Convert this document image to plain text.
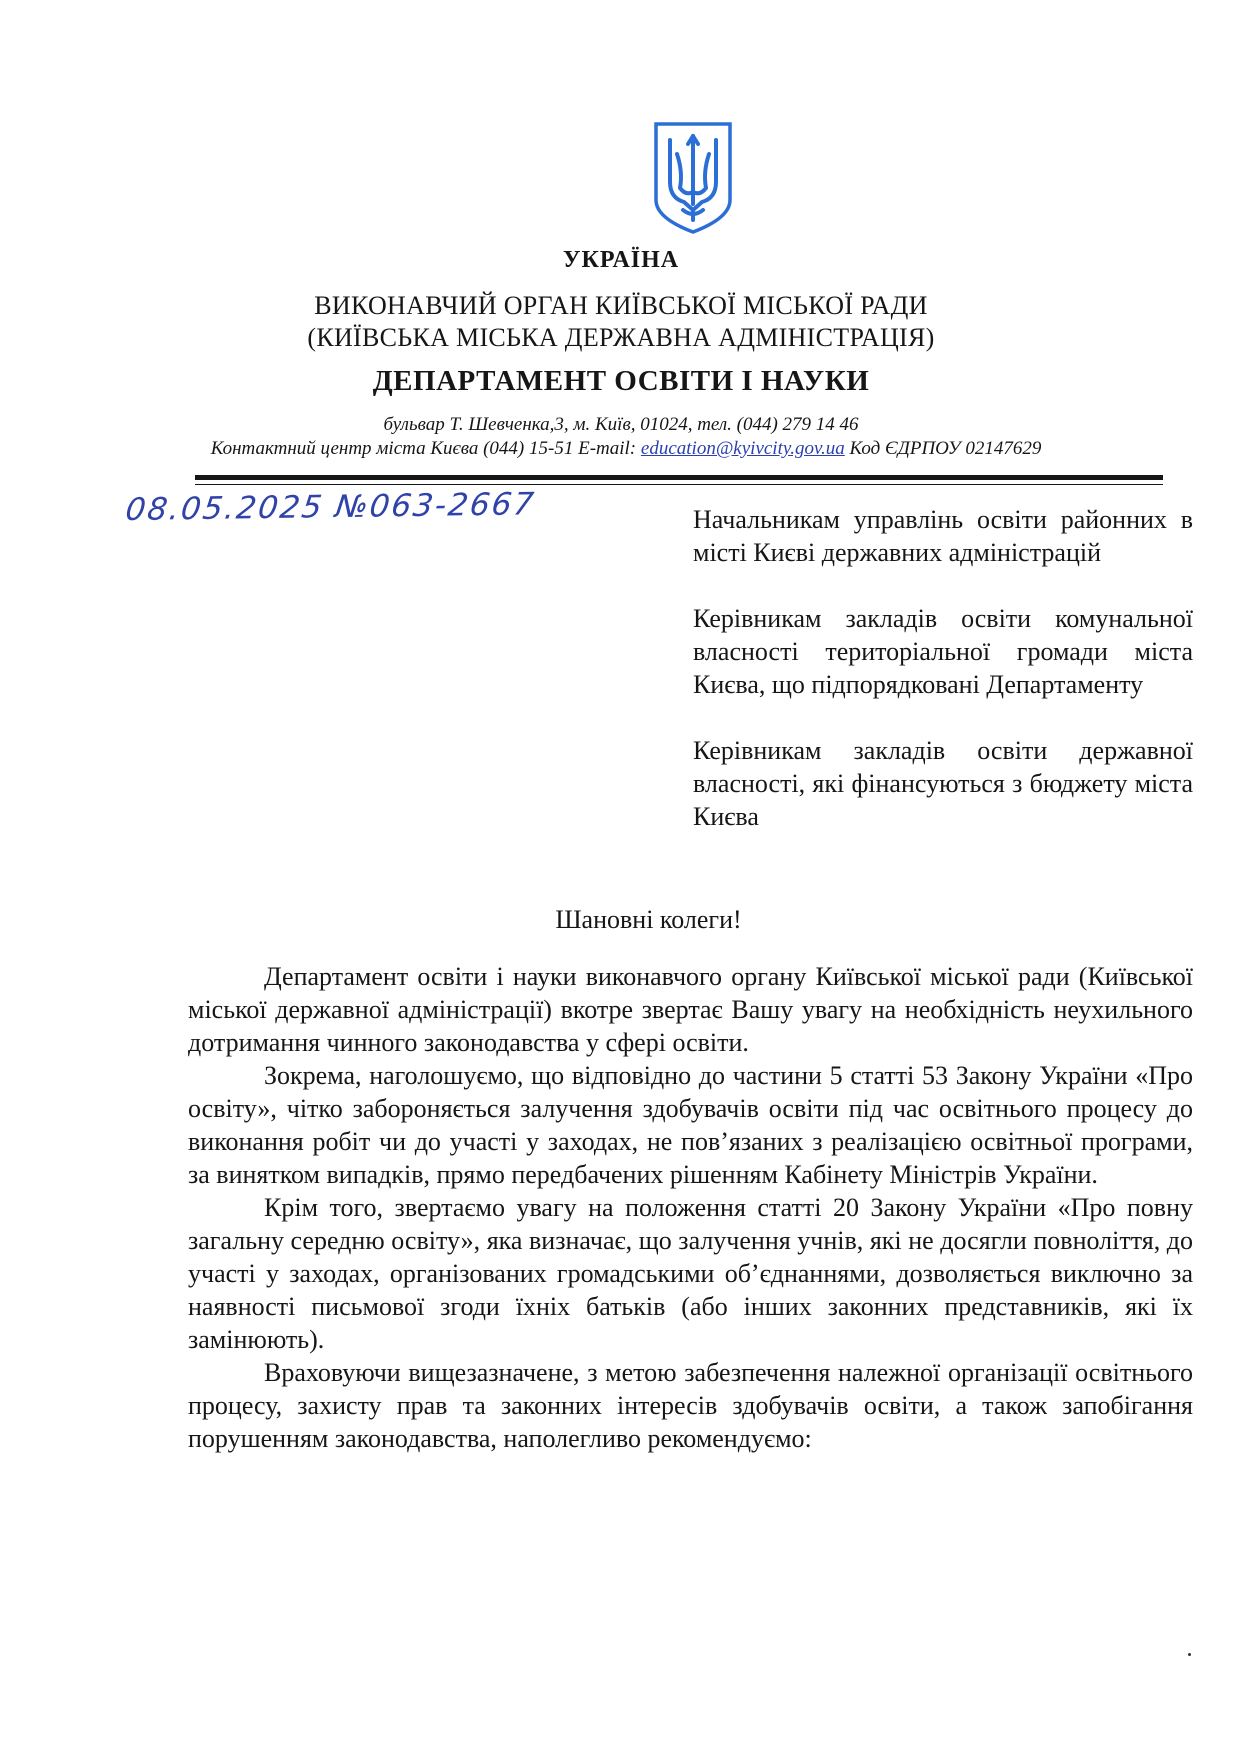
УКРАЇНА
ВИКОНАВЧИЙ ОРГАН КИЇВСЬКОЇ МІСЬКОЇ РАДИ
(КИЇВСЬКА МІСЬКА ДЕРЖАВНА АДМІНІСТРАЦІЯ)
ДЕПАРТАМЕНТ ОСВІТИ І НАУКИ
бульвар Т. Шевченка,3, м. Київ, 01024, тел. (044) 279 14 46
Контактний центр міста Києва (044) 15-51 E-mail: education@kyivcity.gov.ua Код ЄДРПОУ 02147629
08.05.2025 №063-2667	Начальникам управлінь освіти районних в місті Києві державних адміністрацій

Керівникам закладів освіти комунальної власності територіальної громади міста Києва, що підпорядковані Департаменту

Керівникам закладів освіти державної власності, які фінансуються з бюджету міста Києва

Шановні колеги!

Департамент освіти і науки виконавчого органу Київської міської ради (Київської міської державної адміністрації) вкотре звертає Вашу увагу на необхідність неухильного дотримання чинного законодавства у сфері освіти.

Зокрема, наголошуємо, що відповідно до частини 5 статті 53 Закону України «Про освіту», чітко забороняється залучення здобувачів освіти під час освітнього процесу до виконання робіт чи до участі у заходах, не пов’язаних з реалізацією освітньої програми, за винятком випадків, прямо передбачених рішенням Кабінету Міністрів України.

Крім того, звертаємо увагу на положення статті 20 Закону України «Про повну загальну середню освіту», яка визначає, що залучення учнів, які не досягли повноліття, до участі у заходах, організованих громадськими об’єднаннями, дозволяється виключно за наявності письмової згоди їхніх батьків (або інших законних представників, які їх замінюють).

Враховуючи вищезазначене, з метою забезпечення належної організації освітнього процесу, захисту прав та законних інтересів здобувачів освіти, а також запобігання порушенням законодавства, наполегливо рекомендуємо:
